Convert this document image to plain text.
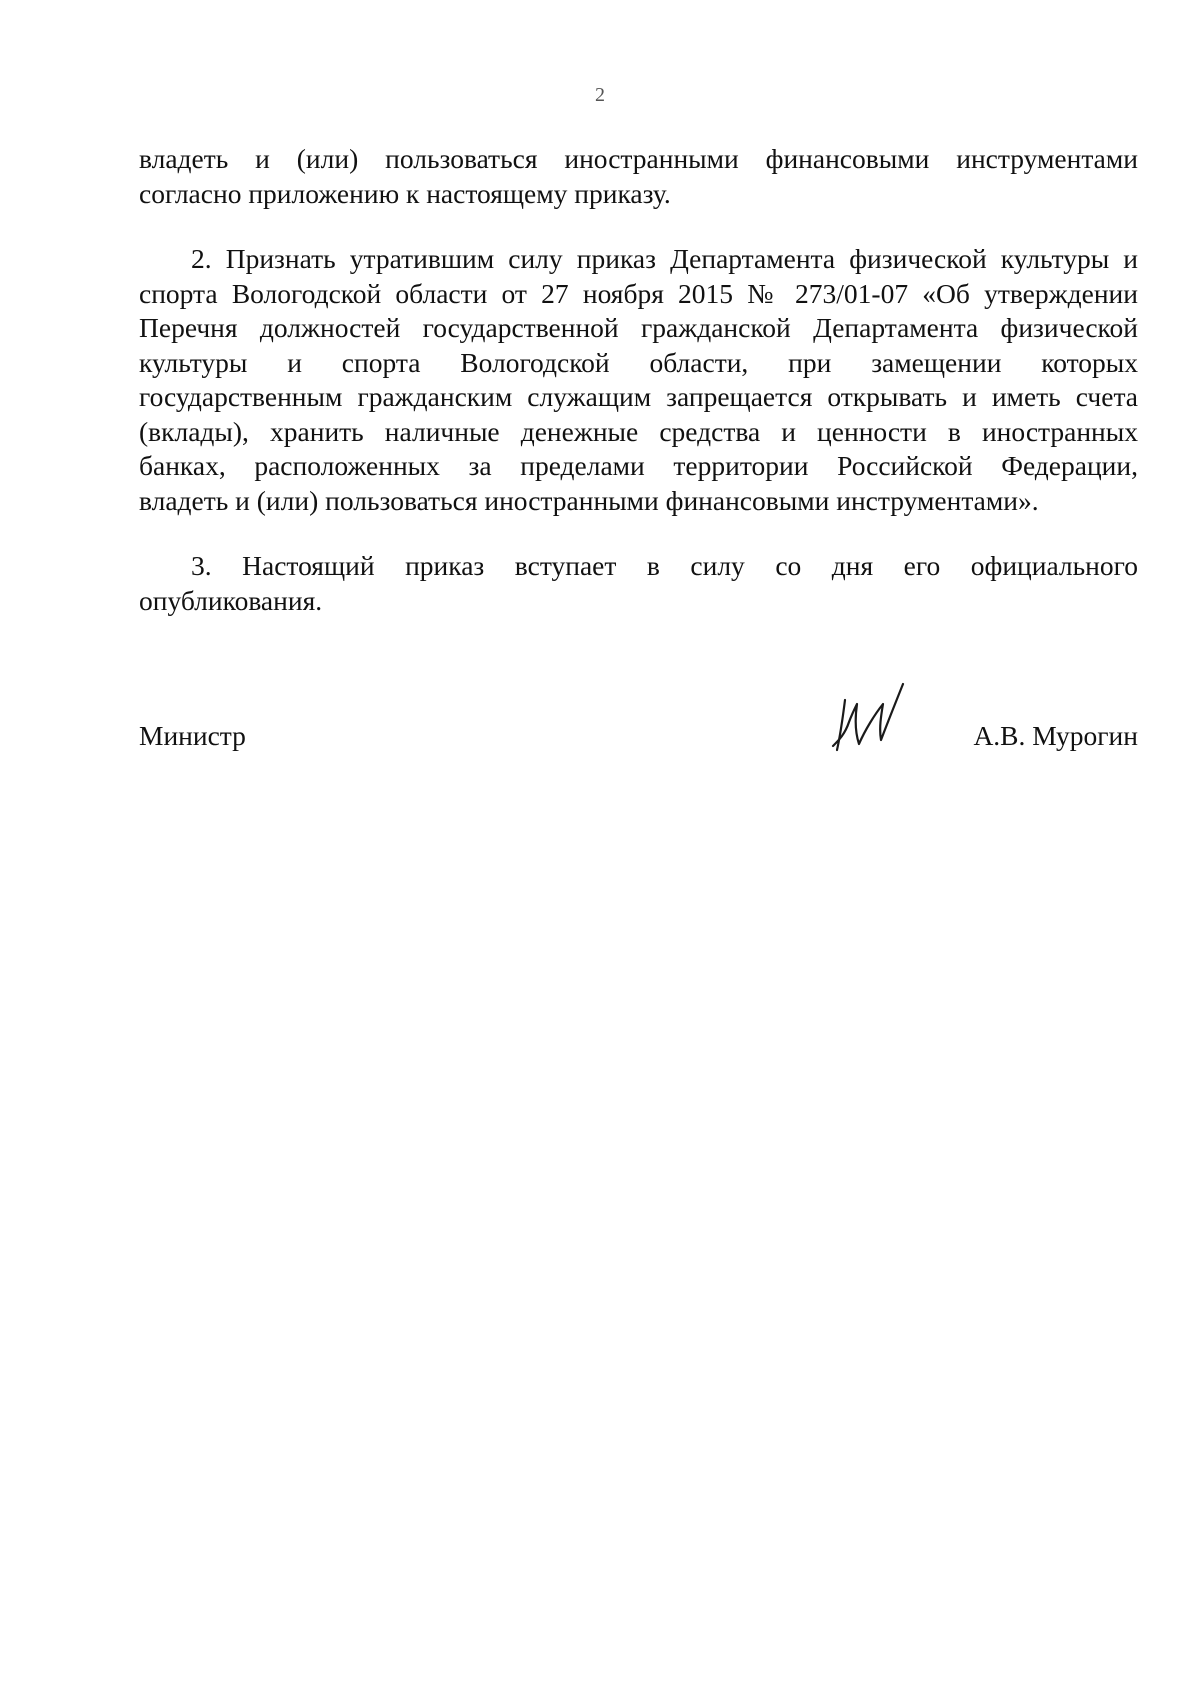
2

владеть и (или) пользоваться иностранными финансовыми инструментами
согласно приложению к настоящему приказу.

2. Признать утратившим силу приказ Департамента физической культуры и
спорта Вологодской области от 27 ноября 2015 № 273/01-07 «Об утверждении
Перечня должностей государственной гражданской Департамента физической
культуры и спорта Вологодской области, при замещении которых
государственным гражданским служащим запрещается открывать и иметь счета
(вклады), хранить наличные денежные средства и ценности в иностранных
банках, расположенных за пределами территории Российской Федерации,
владеть и (или) пользоваться иностранными финансовыми инструментами».

3. Настоящий приказ вступает в силу со дня его официального
опубликования.

Министр	А.В. Мурогин
